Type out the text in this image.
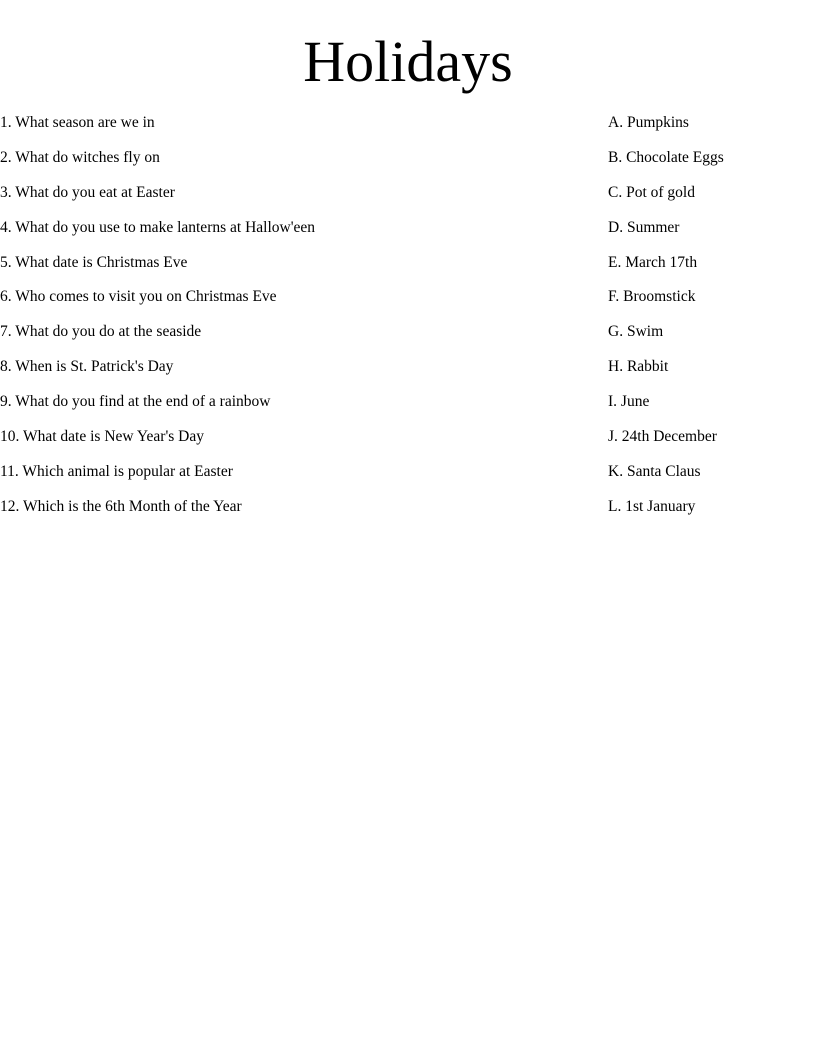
Holidays
1. What season are we in
2. What do witches fly on
3. What do you eat at Easter
4. What do you use to make lanterns at Hallow'een
5. What date is Christmas Eve
6. Who comes to visit you on Christmas Eve
7. What do you do at the seaside
8. When is St. Patrick's Day
9. What do you find at the end of a rainbow
10. What date is New Year's Day
11. Which animal is popular at Easter
12. Which is the 6th Month of the Year
A. Pumpkins
B. Chocolate Eggs
C. Pot of gold
D. Summer
E. March 17th
F. Broomstick
G. Swim
H. Rabbit
I. June
J. 24th December
K. Santa Claus
L. 1st January
